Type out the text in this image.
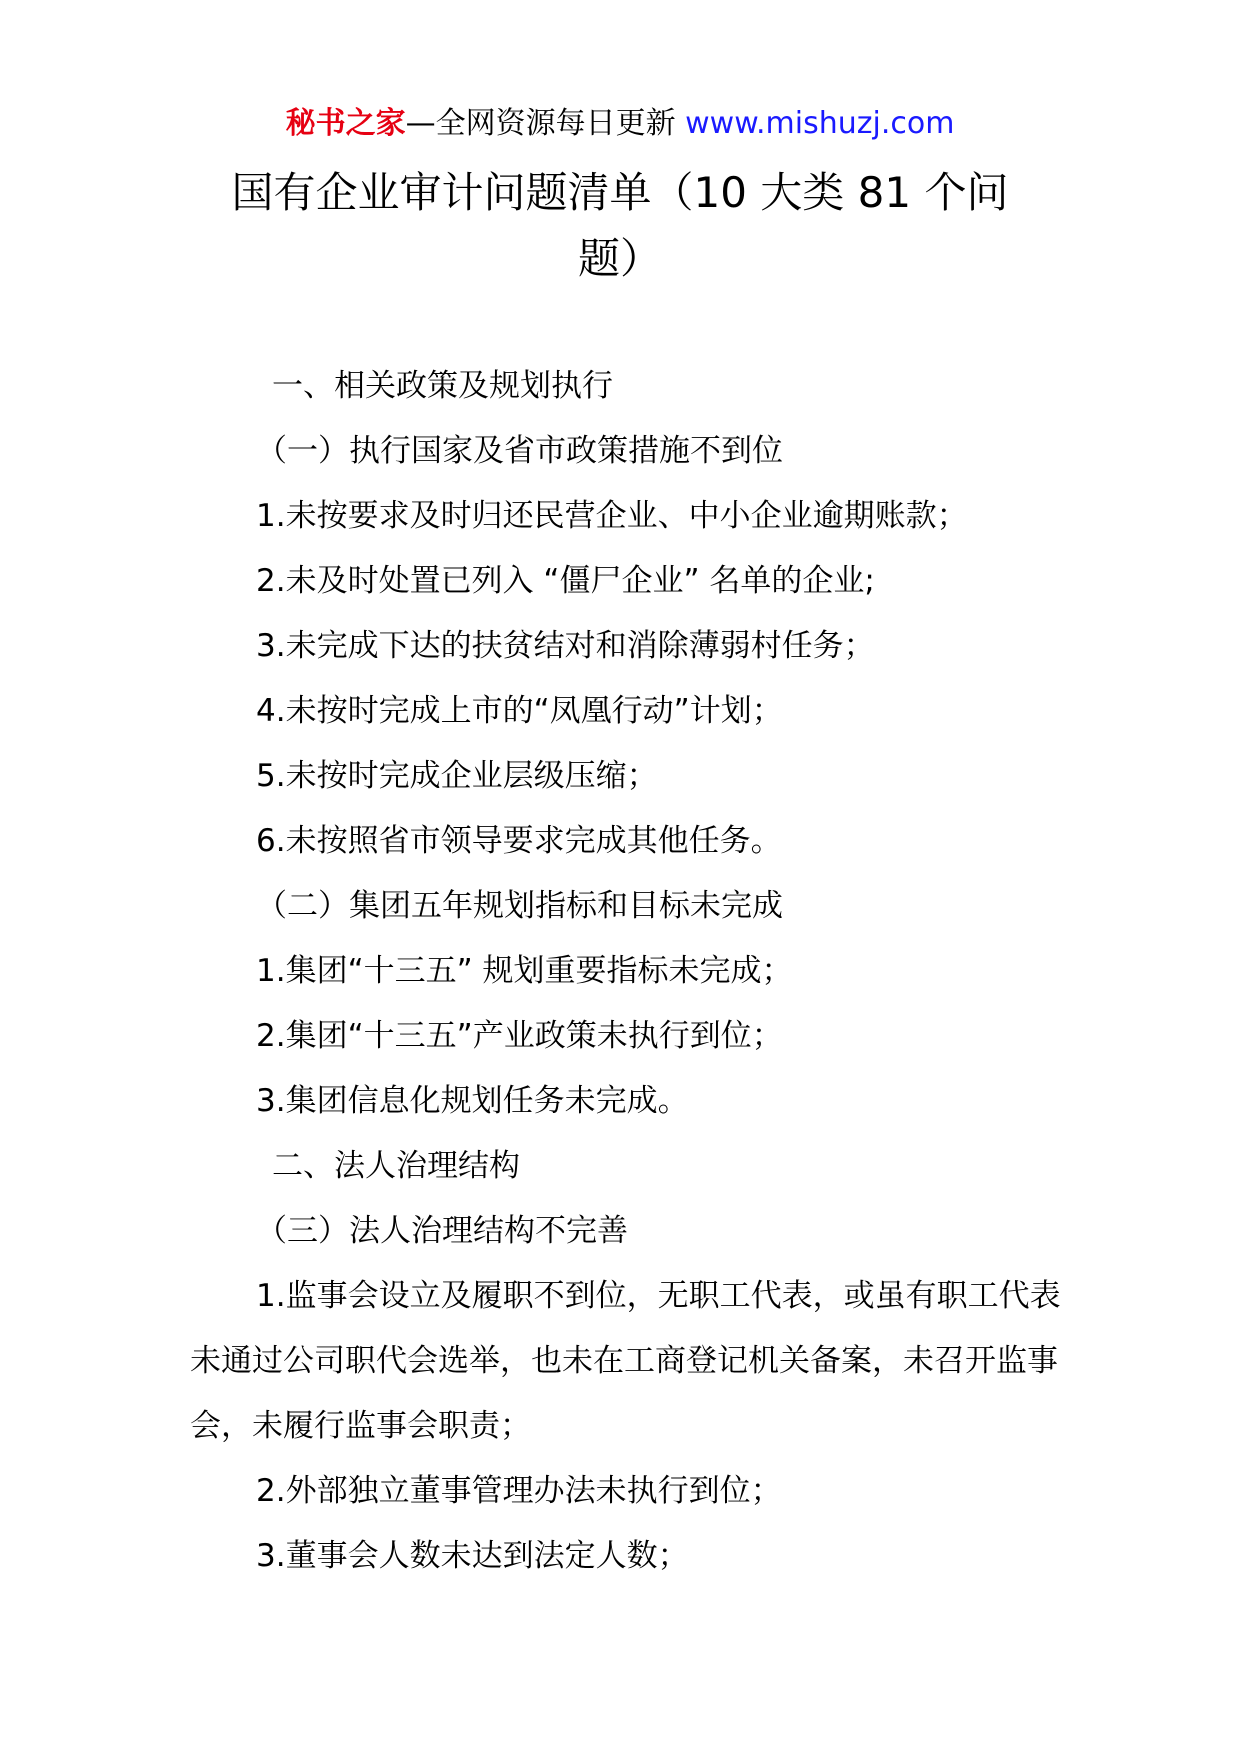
秘书之家—全网资源每日更新 www.mishuzj.com
国有企业审计问题清单（10 大类 81 个问题）
一、相关政策及规划执行
（一）执行国家及省市政策措施不到位
1.未按要求及时归还民营企业、中小企业逾期账款；
2.未及时处置已列入 “僵尸企业” 名单的企业;
3.未完成下达的扶贫结对和消除薄弱村任务；
4.未按时完成上市的“凤凰行动”计划；
5.未按时完成企业层级压缩；
6.未按照省市领导要求完成其他任务。
（二）集团五年规划指标和目标未完成
1.集团“十三五” 规划重要指标未完成；
2.集团“十三五”产业政策未执行到位；
3.集团信息化规划任务未完成。
二、法人治理结构
（三）法人治理结构不完善
1.监事会设立及履职不到位，无职工代表，或虽有职工代表未通过公司职代会选举，也未在工商登记机关备案，未召开监事会，未履行监事会职责；
2.外部独立董事管理办法未执行到位；
3.董事会人数未达到法定人数；
